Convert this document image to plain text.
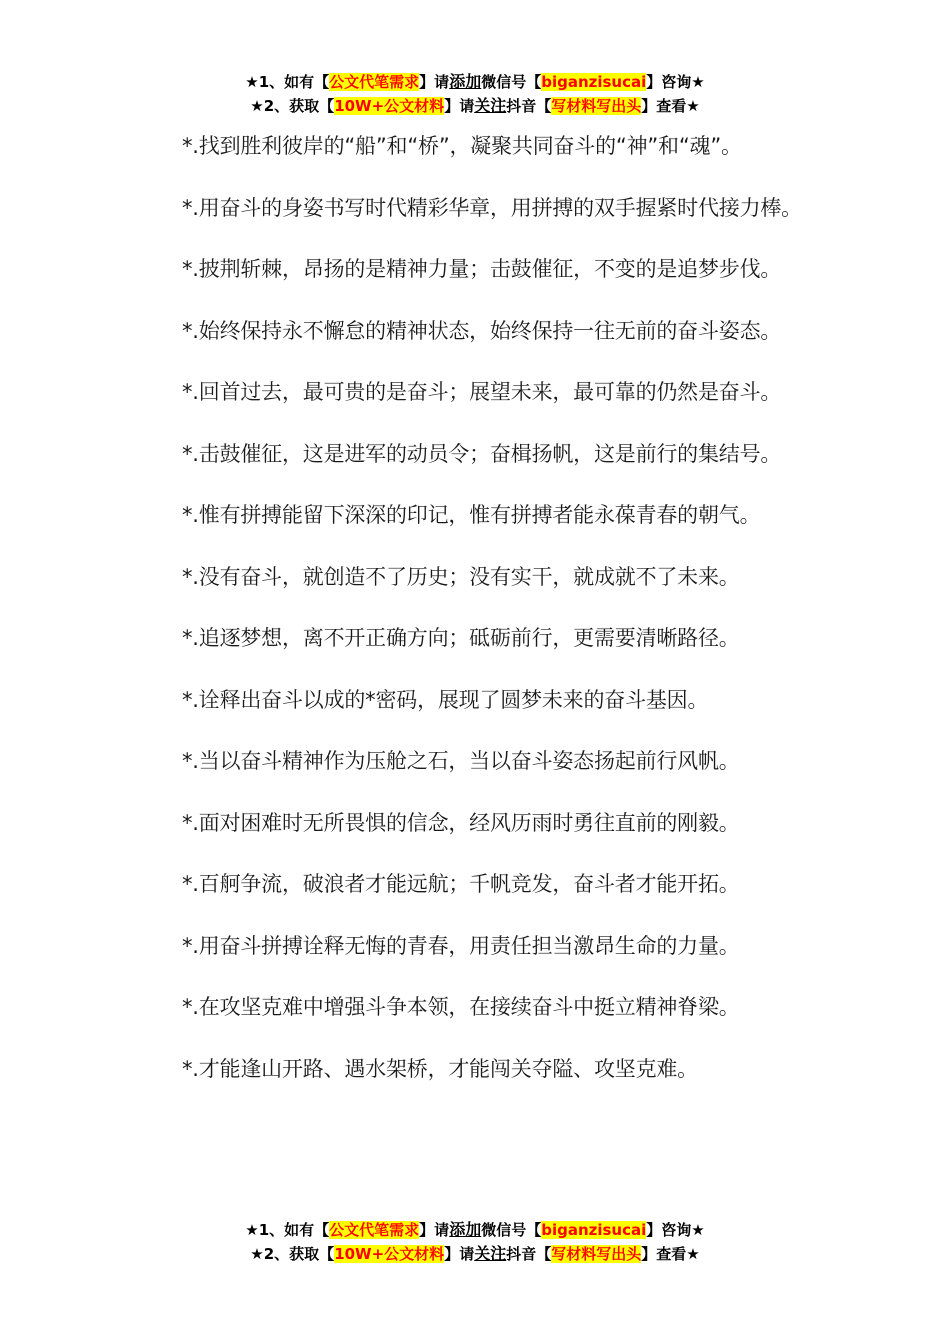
★1、如有【公文代笔需求】请添加微信号【biganzisucai】咨询★
★2、获取【10W+公文材料】请关注抖音【写材料写出头】查看★

*.找到胜利彼岸的“船”和“桥”，凝聚共同奋斗的“神”和“魂”。

*.用奋斗的身姿书写时代精彩华章，用拼搏的双手握紧时代接力棒。

*.披荆斩棘，昂扬的是精神力量；击鼓催征，不变的是追梦步伐。

*.始终保持永不懈怠的精神状态，始终保持一往无前的奋斗姿态。

*.回首过去，最可贵的是奋斗；展望未来，最可靠的仍然是奋斗。

*.击鼓催征，这是进军的动员令；奋楫扬帆，这是前行的集结号。

*.惟有拼搏能留下深深的印记，惟有拼搏者能永葆青春的朝气。

*.没有奋斗，就创造不了历史；没有实干，就成就不了未来。

*.追逐梦想，离不开正确方向；砥砺前行，更需要清晰路径。

*.诠释出奋斗以成的*密码，展现了圆梦未来的奋斗基因。

*.当以奋斗精神作为压舱之石，当以奋斗姿态扬起前行风帆。

*.面对困难时无所畏惧的信念，经风历雨时勇往直前的刚毅。

*.百舸争流，破浪者才能远航；千帆竞发，奋斗者才能开拓。

*.用奋斗拼搏诠释无悔的青春，用责任担当激昂生命的力量。

*.在攻坚克难中增强斗争本领，在接续奋斗中挺立精神脊梁。

*.才能逢山开路、遇水架桥，才能闯关夺隘、攻坚克难。

★1、如有【公文代笔需求】请添加微信号【biganzisucai】咨询★
★2、获取【10W+公文材料】请关注抖音【写材料写出头】查看★
